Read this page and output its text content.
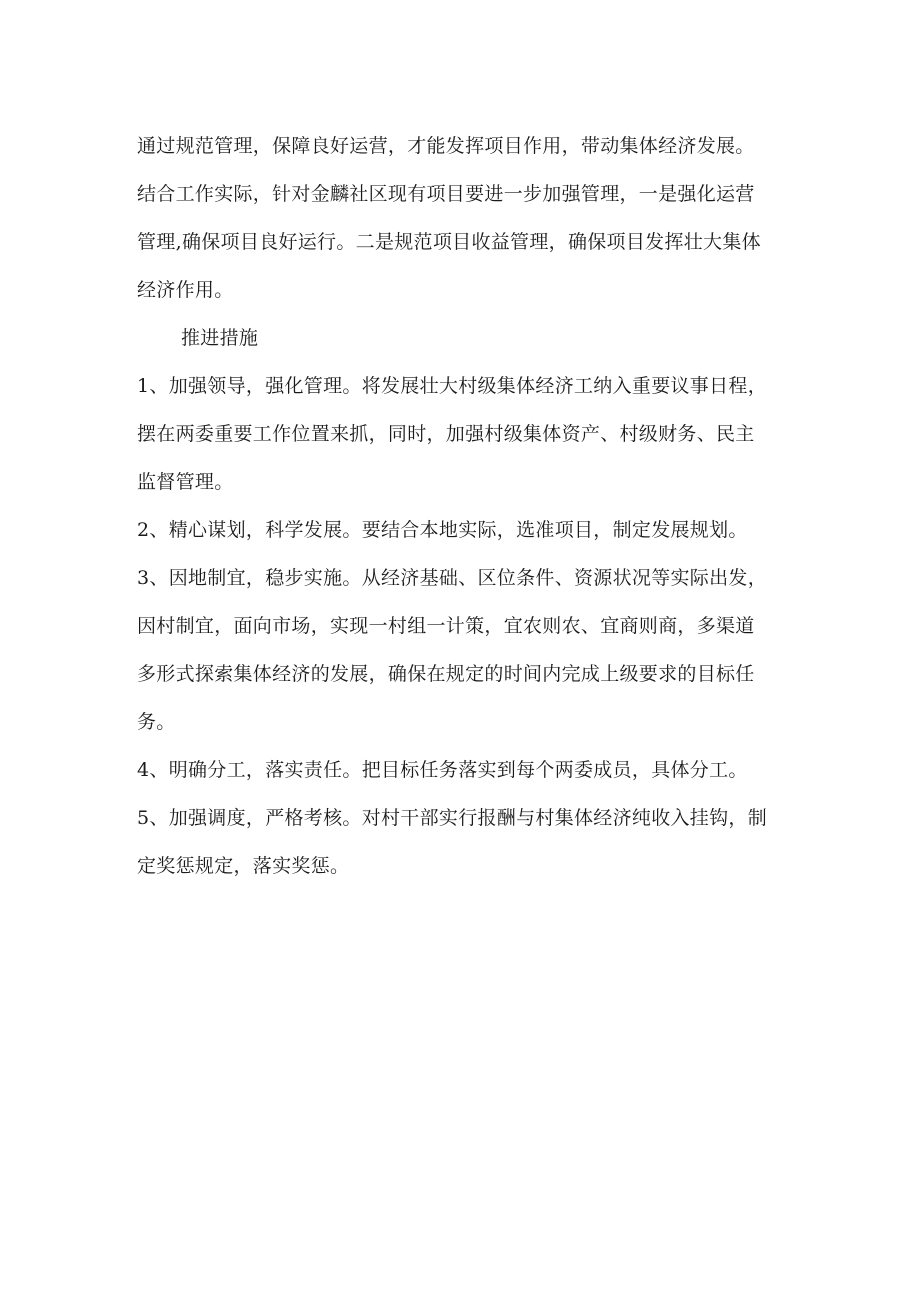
通过规范管理，保障良好运营，才能发挥项目作用，带动集体经济发展。
结合工作实际，针对金麟社区现有项目要进一步加强管理，一是强化运营
管理,确保项目良好运行。二是规范项目收益管理，确保项目发挥壮大集体
经济作用。
推进措施
1、加强领导，强化管理。将发展壮大村级集体经济工纳入重要议事日程，
摆在两委重要工作位置来抓，同时，加强村级集体资产、村级财务、民主
监督管理。
2、精心谋划，科学发展。要结合本地实际，选准项目，制定发展规划。
3、因地制宜，稳步实施。从经济基础、区位条件、资源状况等实际出发，
因村制宜，面向市场，实现一村组一计策，宜农则农、宜商则商，多渠道
多形式探索集体经济的发展，确保在规定的时间内完成上级要求的目标任
务。
4、明确分工，落实责任。把目标任务落实到每个两委成员，具体分工。
5、加强调度，严格考核。对村干部实行报酬与村集体经济纯收入挂钩，制
定奖惩规定，落实奖惩。
